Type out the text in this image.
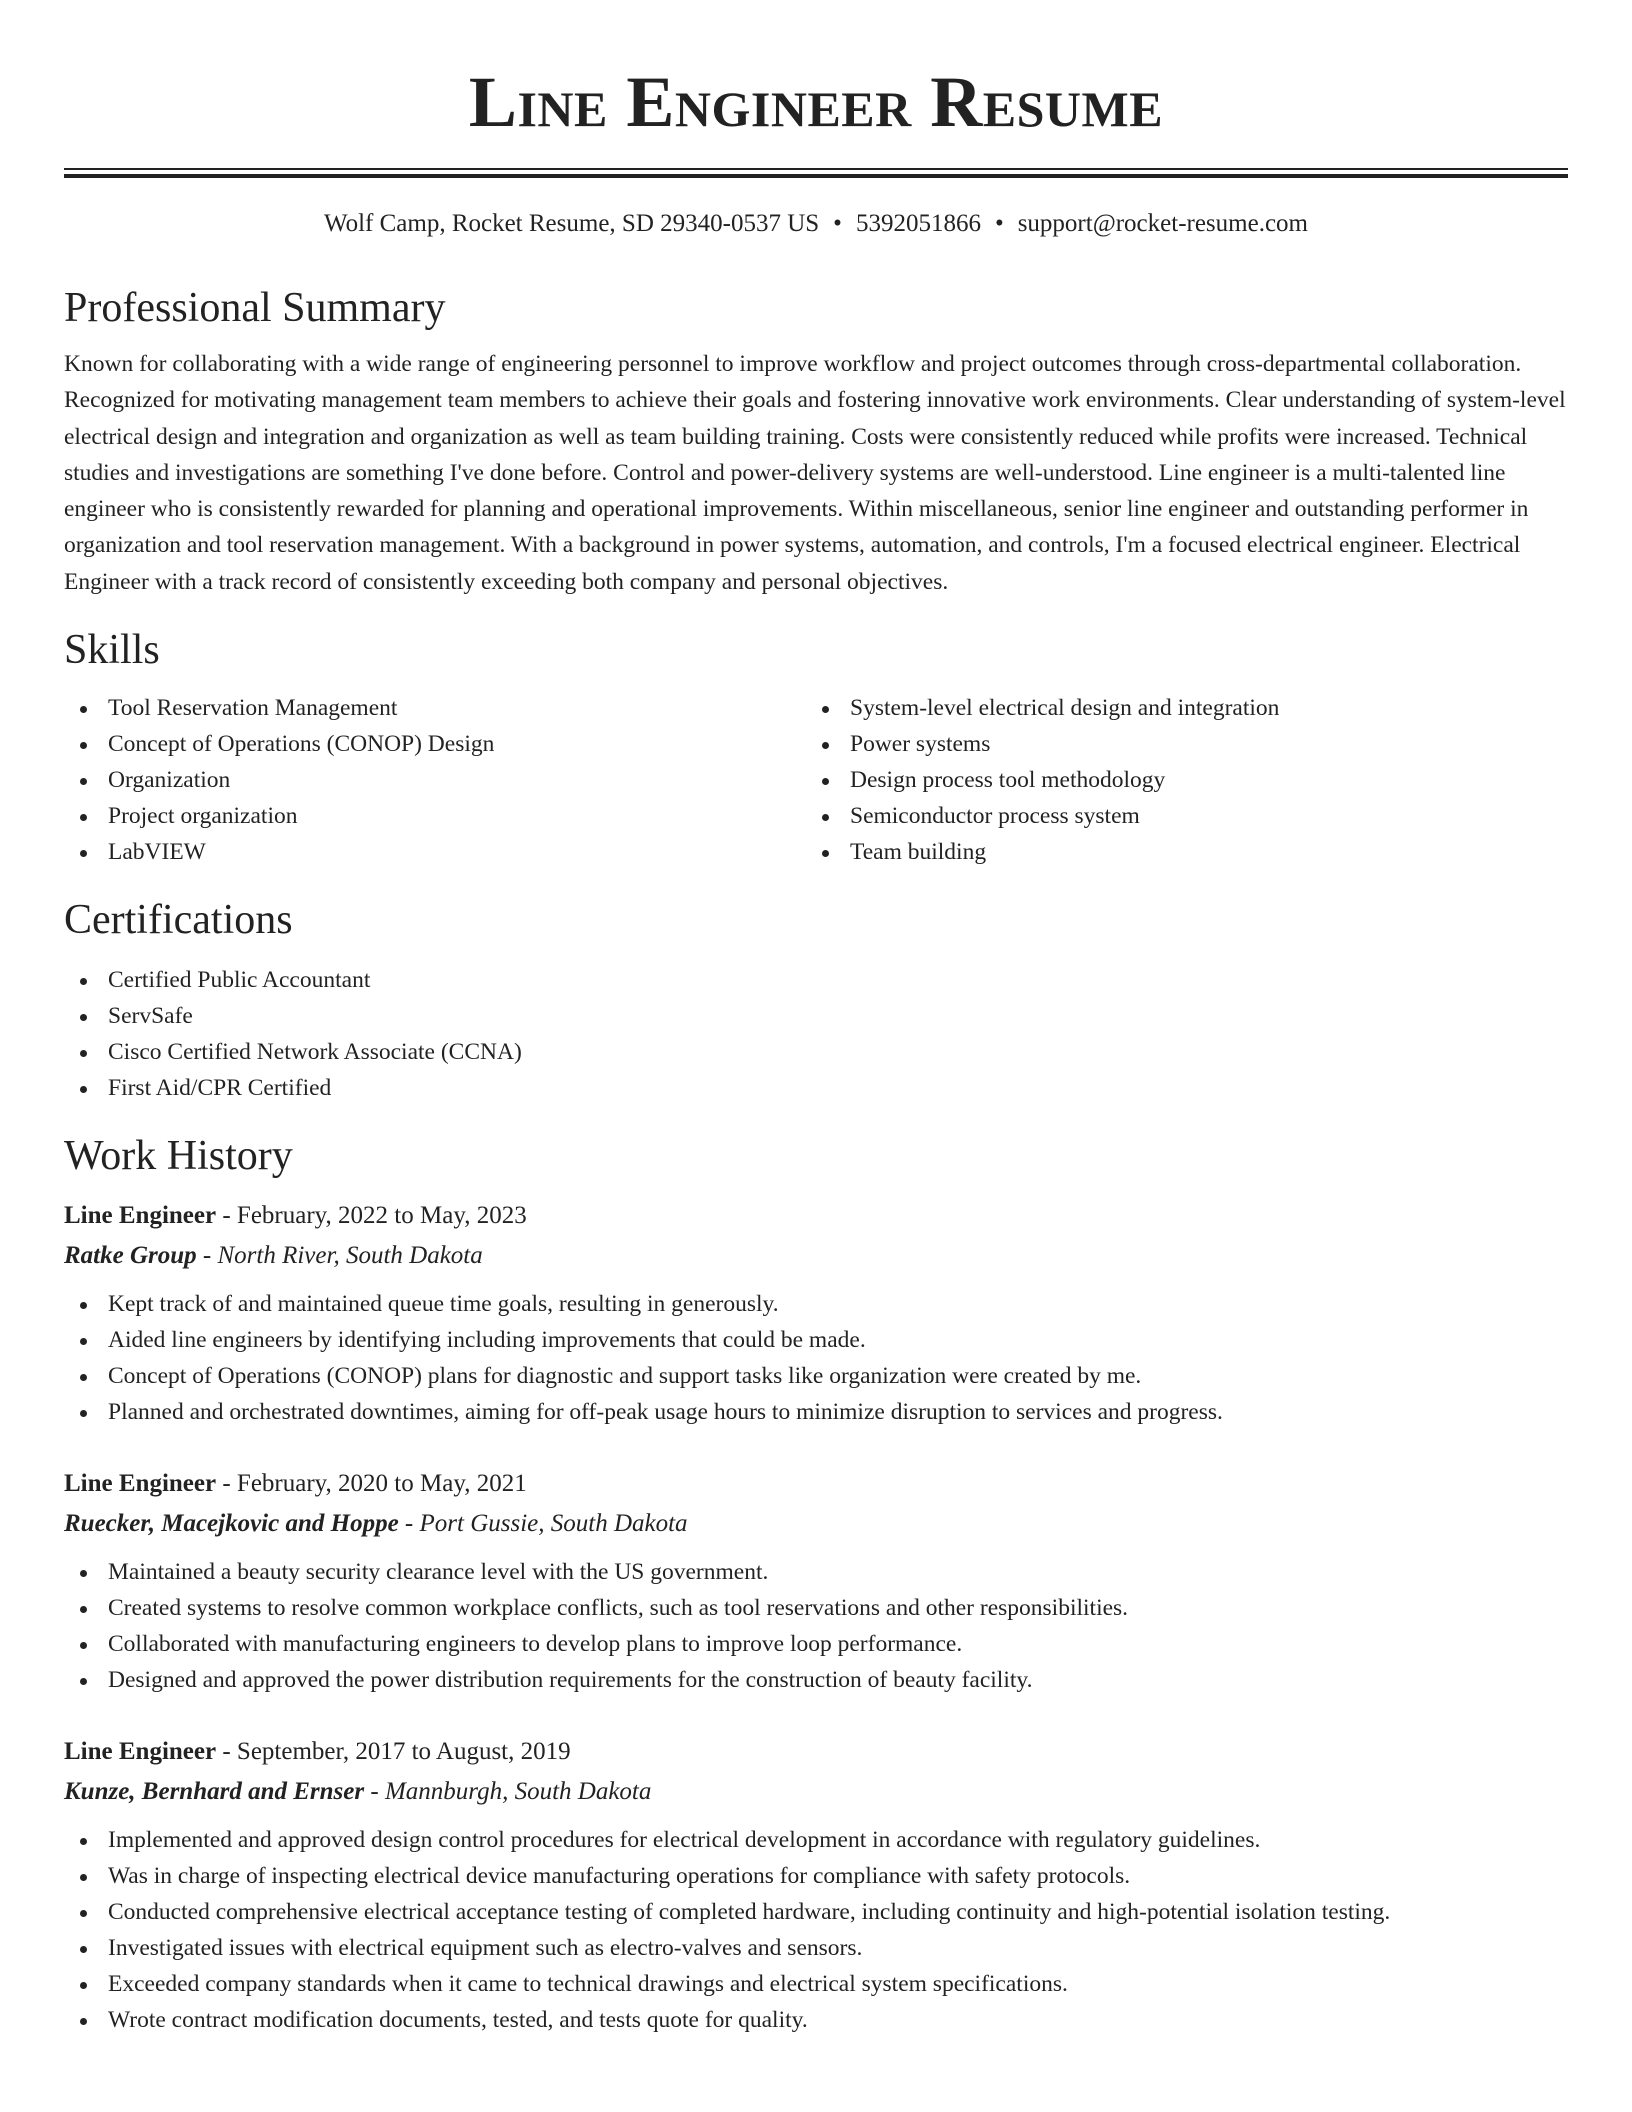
Line Engineer Resume
Wolf Camp, Rocket Resume, SD 29340-0537 US • 5392051866 • support@rocket-resume.com
Professional Summary

Known for collaborating with a wide range of engineering personnel to improve workflow and project outcomes through cross-departmental collaboration. Recognized for motivating management team members to achieve their goals and fostering innovative work environments. Clear understanding of system-level electrical design and integration and organization as well as team building training. Costs were consistently reduced while profits were increased. Technical studies and investigations are something I've done before. Control and power-delivery systems are well-understood. Line engineer is a multi-talented line engineer who is consistently rewarded for planning and operational improvements. Within miscellaneous, senior line engineer and outstanding performer in organization and tool reservation management. With a background in power systems, automation, and controls, I'm a focused electrical engineer. Electrical Engineer with a track record of consistently exceeding both company and personal objectives.

Skills
Tool Reservation Management
Concept of Operations (CONOP) Design
Organization
Project organization
LabVIEW
System-level electrical design and integration
Power systems
Design process tool methodology
Semiconductor process system
Team building
Certifications
Certified Public Accountant
ServSafe
Cisco Certified Network Associate (CCNA)
First Aid/CPR Certified
Work History
Line Engineer - February, 2022 to May, 2023
Ratke Group - North River, South Dakota
Kept track of and maintained queue time goals, resulting in generously.
Aided line engineers by identifying including improvements that could be made.
Concept of Operations (CONOP) plans for diagnostic and support tasks like organization were created by me.
Planned and orchestrated downtimes, aiming for off-peak usage hours to minimize disruption to services and progress.
Line Engineer - February, 2020 to May, 2021
Ruecker, Macejkovic and Hoppe - Port Gussie, South Dakota
Maintained a beauty security clearance level with the US government.
Created systems to resolve common workplace conflicts, such as tool reservations and other responsibilities.
Collaborated with manufacturing engineers to develop plans to improve loop performance.
Designed and approved the power distribution requirements for the construction of beauty facility.
Line Engineer - September, 2017 to August, 2019
Kunze, Bernhard and Ernser - Mannburgh, South Dakota
Implemented and approved design control procedures for electrical development in accordance with regulatory guidelines.
Was in charge of inspecting electrical device manufacturing operations for compliance with safety protocols.
Conducted comprehensive electrical acceptance testing of completed hardware, including continuity and high-potential isolation testing.
Investigated issues with electrical equipment such as electro-valves and sensors.
Exceeded company standards when it came to technical drawings and electrical system specifications.
Wrote contract modification documents, tested, and tests quote for quality.
